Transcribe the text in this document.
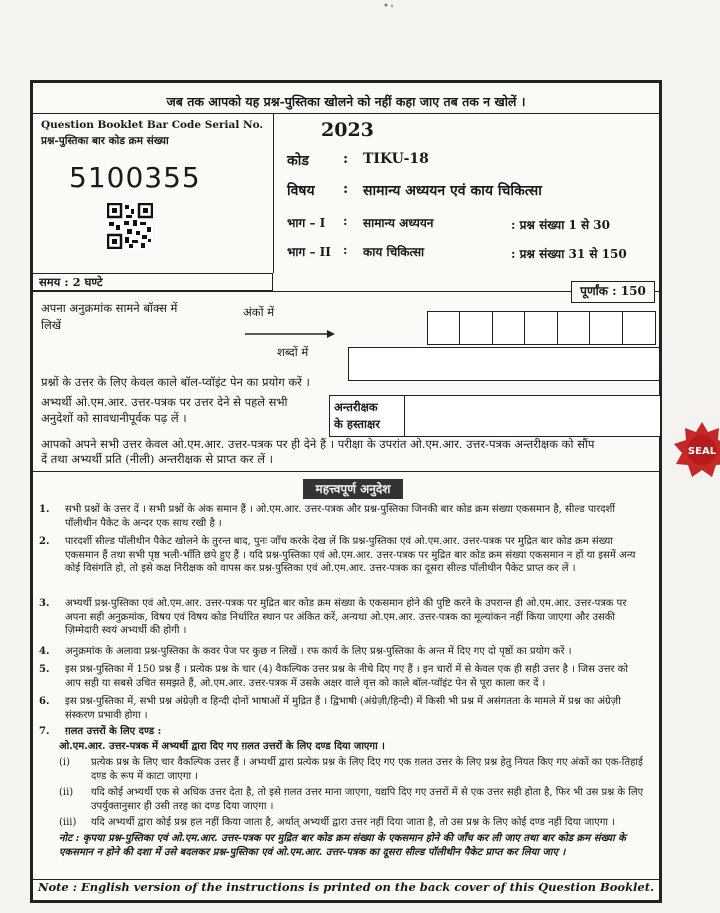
जब तक आपको यह प्रश्न-पुस्तिका खोलने को नहीं कहा जाए तब तक न खोलें ।
Question Booklet Bar Code Serial No.
प्रश्न-पुस्तिका बार कोड क्रम संख्या
5100355
2023
कोड : TIKU-18
विषय : सामान्य अध्ययन एवं काय चिकित्सा
भाग – I : सामान्य अध्ययन	: प्रश्न संख्या 1 से 30
भाग – II : काय चिकित्सा	: प्रश्न संख्या 31 से 150
समय : 2 घण्टे
पूर्णांक : 150
अपना अनुक्रमांक सामने बॉक्स में
लिखें
अंकों में
शब्दों में
प्रश्नों के उत्तर के लिए केवल काले बॉल-प्वॉइंट पेन का प्रयोग करें ।
अभ्यर्थी ओ.एम.आर. उत्तर-पत्रक पर उत्तर देने से पहले सभी
अनुदेशों को सावधानीपूर्वक पढ़ लें ।
अन्तरीक्षक
के हस्ताक्षर
आपको अपने सभी उत्तर केवल ओ.एम.आर. उत्तर-पत्रक पर ही देने हैं । परीक्षा के उपरांत ओ.एम.आर. उत्तर-पत्रक अन्तरीक्षक को सौंप
दें तथा अभ्यर्थी प्रति (नीली) अन्तरीक्षक से प्राप्त कर लें ।
महत्त्वपूर्ण अनुदेश
1. सभी प्रश्नों के उत्तर दें । सभी प्रश्नों के अंक समान हैं । ओ.एम.आर. उत्तर-पत्रक और प्रश्न-पुस्तिका जिनकी बार कोड क्रम संख्या एकसमान है, सील्ड पारदर्शी पॉलीथीन पैकेट के अन्दर एक साथ रखी है ।
2. पारदर्शी सील्ड पॉलीथीन पैकेट खोलने के तुरन्त बाद, पुनः जाँच करके देख लें कि प्रश्न-पुस्तिका एवं ओ.एम.आर. उत्तर-पत्रक पर मुद्रित बार कोड क्रम संख्या एकसमान हैं तथा सभी पृष्ठ भली-भाँति छपे हुए हैं । यदि प्रश्न-पुस्तिका एवं ओ.एम.आर. उत्तर-पत्रक पर मुद्रित बार कोड क्रम संख्या एकसमान न हों या इसमें अन्य कोई विसंगति हो, तो इसे कक्ष निरीक्षक को वापस कर प्रश्न-पुस्तिका एवं ओ.एम.आर. उत्तर-पत्रक का दूसरा सील्ड पॉलीथीन पैकेट प्राप्त कर लें ।
3. अभ्यर्थी प्रश्न-पुस्तिका एवं ओ.एम.आर. उत्तर-पत्रक पर मुद्रित बार कोड क्रम संख्या के एकसमान होने की पुष्टि करने के उपरान्त ही ओ.एम.आर. उत्तर-पत्रक पर अपना सही अनुक्रमांक, विषय एवं विषय कोड निर्धारित स्थान पर अंकित करें, अन्यथा ओ.एम.आर. उत्तर-पत्रक का मूल्यांकन नहीं किया जाएगा और उसकी ज़िम्मेदारी स्वयं अभ्यर्थी की होगी ।
4. अनुक्रमांक के अलावा प्रश्न-पुस्तिका के कवर पेज पर कुछ न लिखें । रफ कार्य के लिए प्रश्न-पुस्तिका के अन्त में दिए गए दो पृष्ठों का प्रयोग करें ।
5. इस प्रश्न-पुस्तिका में 150 प्रश्न हैं । प्रत्येक प्रश्न के चार (4) वैकल्पिक उत्तर प्रश्न के नीचे दिए गए हैं । इन चारों में से केवल एक ही सही उत्तर है । जिस उत्तर को आप सही या सबसे उचित समझते हैं, ओ.एम.आर. उत्तर-पत्रक में उसके अक्षर वाले वृत्त को काले बॉल-प्वॉइंट पेन से पूरा काला कर दें ।
6. इस प्रश्न-पुस्तिका में, सभी प्रश्न अंग्रेज़ी व हिन्दी दोनों भाषाओं में मुद्रित हैं । द्विभाषी (अंग्रेज़ी/हिन्दी) में किसी भी प्रश्न में असंगतता के मामले में प्रश्न का अंग्रेज़ी संस्करण प्रभावी होगा ।
7. ग़लत उत्तरों के लिए दण्ड :
ओ.एम.आर. उत्तर-पत्रक में अभ्यर्थी द्वारा दिए गए ग़लत उत्तरों के लिए दण्ड दिया जाएगा ।
(i)	प्रत्येक प्रश्न के लिए चार वैकल्पिक उत्तर हैं । अभ्यर्थी द्वारा प्रत्येक प्रश्न के लिए दिए गए एक ग़लत उत्तर के लिए प्रश्न हेतु नियत किए गए अंकों का एक-तिहाई दण्ड के रूप में काटा जाएगा ।
(ii)	यदि कोई अभ्यर्थी एक से अधिक उत्तर देता है, तो इसे ग़लत उत्तर माना जाएगा, यद्यपि दिए गए उत्तरों में से एक उत्तर सही होता है, फिर भी उस प्रश्न के लिए उपर्युक्तानुसार ही उसी तरह का दण्ड दिया जाएगा ।
(iii)	यदि अभ्यर्थी द्वारा कोई प्रश्न हल नहीं किया जाता है, अर्थात् अभ्यर्थी द्वारा उत्तर नहीं दिया जाता है, तो उस प्रश्न के लिए कोई दण्ड नहीं दिया जाएगा ।
नोट : कृपया प्रश्न-पुस्तिका एवं ओ.एम.आर. उत्तर-पत्रक पर मुद्रित बार कोड क्रम संख्या के एकसमान होने की जाँच कर ली जाए तथा बार कोड क्रम संख्या के एकसमान न होने की दशा में उसे बदलकर प्रश्न-पुस्तिका एवं ओ.एम.आर. उत्तर-पत्रक का दूसरा सील्ड पॉलीथीन पैकेट प्राप्त कर लिया जाए ।
Note : English version of the instructions is printed on the back cover of this Question Booklet.
SEAL
